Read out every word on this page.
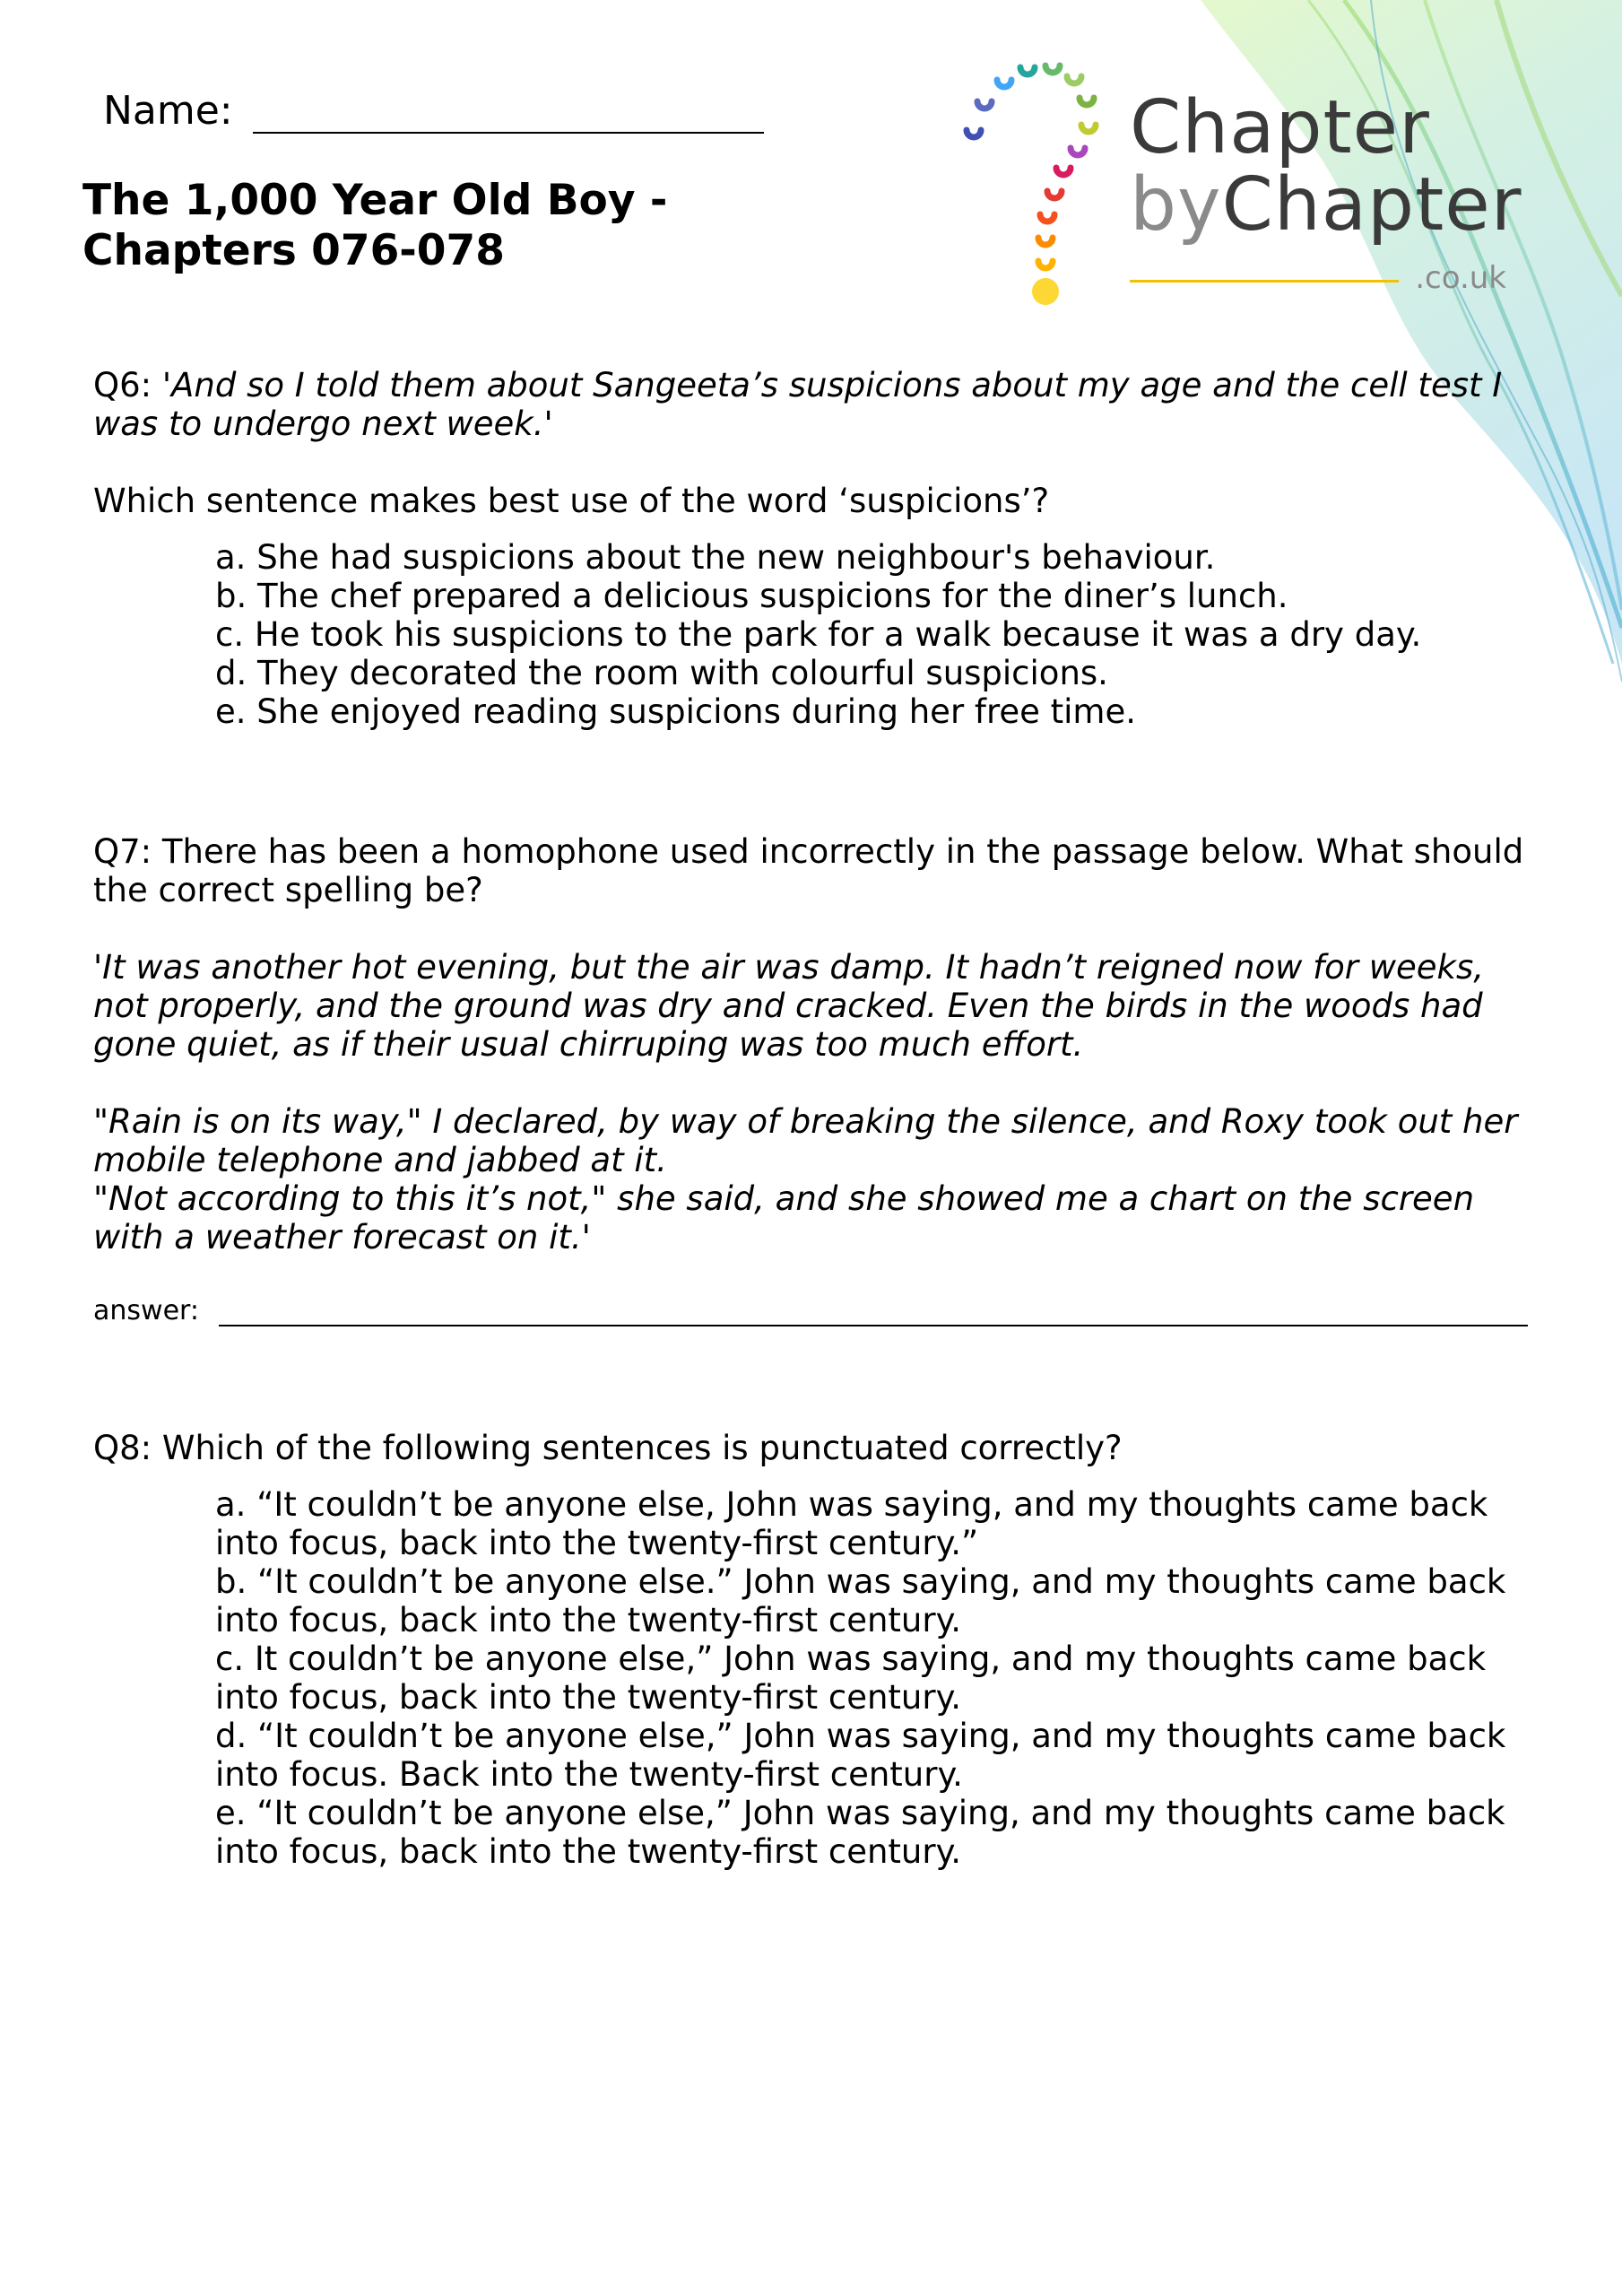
Name:
The 1,000 Year Old Boy -
Chapters 076-078
Chapter
byChapter
.co.uk

Q6: 'And so I told them about Sangeeta’s suspicions about my age and the cell test I was to undergo next week.'

Which sentence makes best use of the word ‘suspicions’?

a. She had suspicions about the new neighbour's behaviour.
b. The chef prepared a delicious suspicions for the diner’s lunch.
c. He took his suspicions to the park for a walk because it was a dry day.
d. They decorated the room with colourful suspicions.
e. She enjoyed reading suspicions during her free time.

Q7: There has been a homophone used incorrectly in the passage below. What should the correct spelling be?

'It was another hot evening, but the air was damp. It hadn’t reigned now for weeks, not properly, and the ground was dry and cracked. Even the birds in the woods had gone quiet, as if their usual chirruping was too much effort.

"Rain is on its way," I declared, by way of breaking the silence, and Roxy took out her mobile telephone and jabbed at it.

"Not according to this it’s not," she said, and she showed me a chart on the screen with a weather forecast on it.'

answer:

Q8: Which of the following sentences is punctuated correctly?

a. “It couldn’t be anyone else, John was saying, and my thoughts came back into focus, back into the twenty-first century.”
b. “It couldn’t be anyone else.” John was saying, and my thoughts came back into focus, back into the twenty-first century.
c. It couldn’t be anyone else,” John was saying, and my thoughts came back into focus, back into the twenty-first century.
d. “It couldn’t be anyone else,” John was saying, and my thoughts came back into focus. Back into the twenty-first century.
e. “It couldn’t be anyone else,” John was saying, and my thoughts came back into focus, back into the twenty-first century.
